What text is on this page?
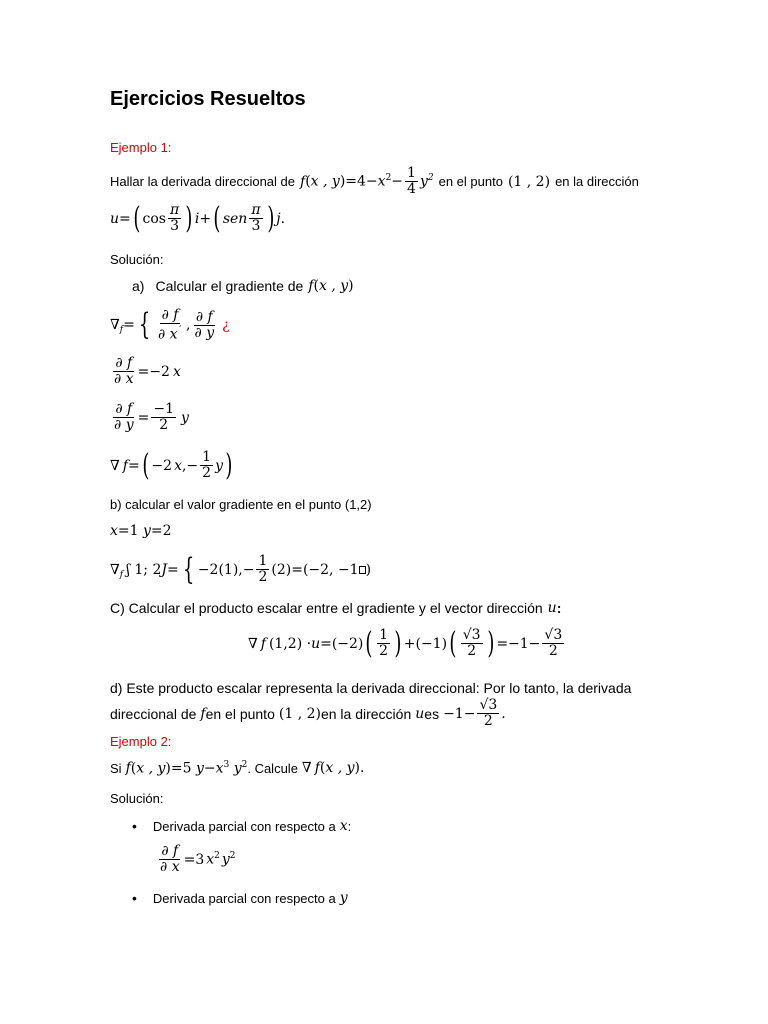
Ejercicios Resueltos
Ejemplo 1:
Hallar la derivada direccional de f (x , $y)=4-x^2- \frac{1}{4} y^2$ en el punto (1 , 2) en la dirección
u = ( $\cos \frac{\pi}{3}$ ) i + ( sen $\frac{\pi}{3}$ ) j .
Solución:
a) Calcular el gradiente de f (x , y)
$\nabla_f$ = { $\frac{\partial f}{\partial x^´}$ , $\frac{\partial f}{\partial y}$ ¿
$\frac{\partial f}{\partial x} =-2$ x
$\frac{\partial f}{\partial y} = \frac{-1}{2}$ y
∇ f = ( −2 x , − $\frac{1}{2}$ y )
b) calcular el valor gradiente en el punto (1,2)
x=1 y=2
$\nabla_f$ ʃ 1; 2 J = { −2(1) , − $\frac{1}{2} (2)=(-2$, −1 )
C) Calcular el producto escalar entre el gradiente y el vector dirección u :
∇ f (1,2) · u =(−2) ( $\frac{1}{2}$ ) +(−1) ( $\frac{√3}{2}$ ) $=-1- \frac{√3}{2}$
d) Este producto escalar representa la derivada direccional: Por lo tanto, la derivada
direccional de f en el punto (1 , 2) en la dirección u es $-1- \frac{√3}{2}$ .
Ejemplo 2:
Si f (x , y)=5 $y-x^3$ $y^2$ . Calcule ∇ f (x , y).
Solución:
• Derivada parcial con respecto a x :
$\frac{\partial f}{\partial x} =3$ $x^2$ $y^2$
• Derivada parcial con respecto a y
